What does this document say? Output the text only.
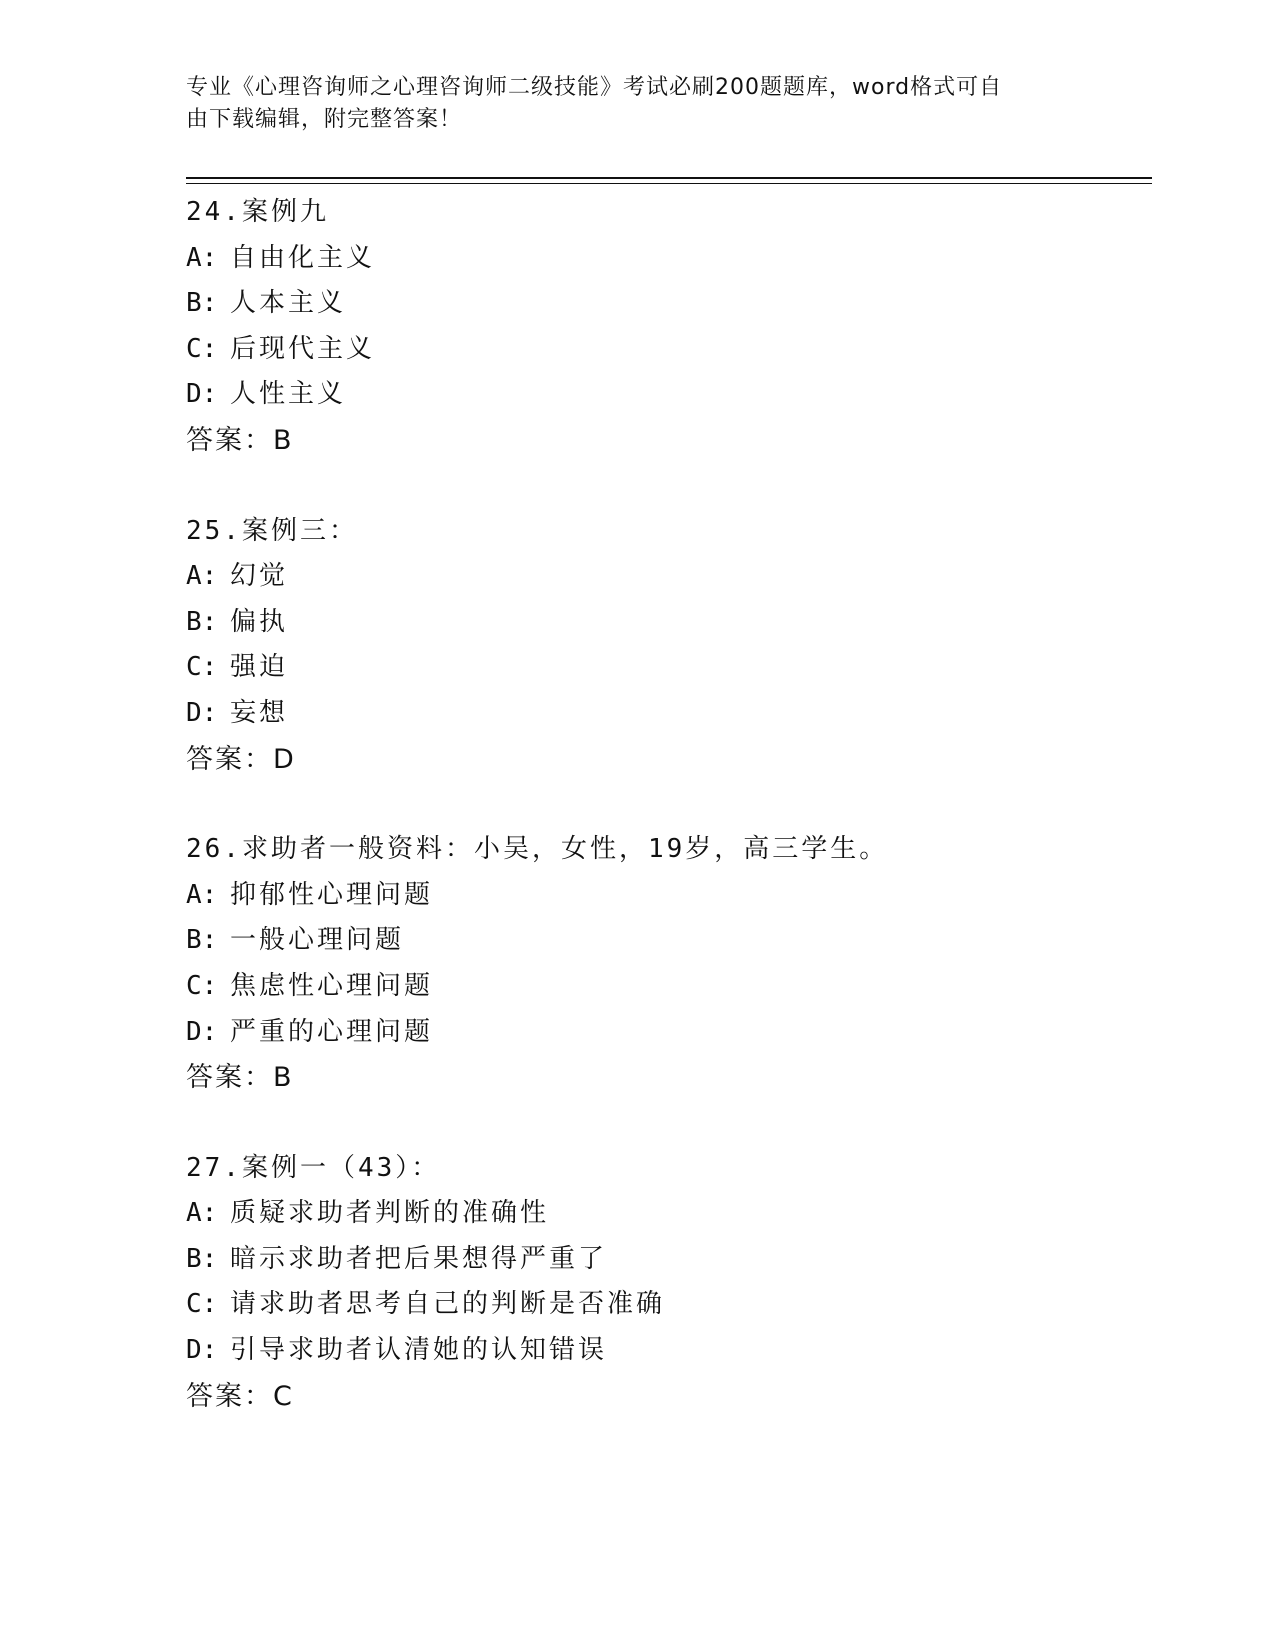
专业《心理咨询师之心理咨询师二级技能》考试必刷200题题库，word格式可自
由下载编辑，附完整答案！
24.案例九
A: 自由化主义
B: 人本主义
C: 后现代主义
D: 人性主义
答案：B
25.案例三：
A: 幻觉
B: 偏执
C: 强迫
D: 妄想
答案：D
26.求助者一般资料：小吴，女性，19岁，高三学生。
A: 抑郁性心理问题
B: 一般心理问题
C: 焦虑性心理问题
D: 严重的心理问题
答案：B
27.案例一（43）：
A: 质疑求助者判断的准确性
B: 暗示求助者把后果想得严重了
C: 请求助者思考自己的判断是否准确
D: 引导求助者认清她的认知错误
答案：C
